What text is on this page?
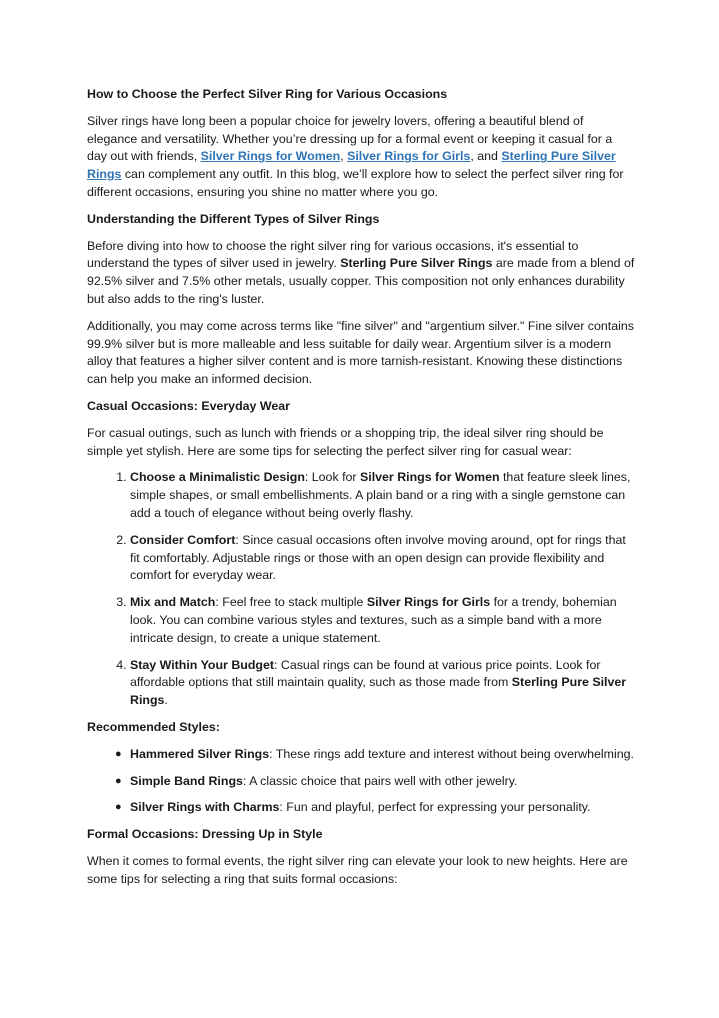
How to Choose the Perfect Silver Ring for Various Occasions

Silver rings have long been a popular choice for jewelry lovers, offering a beautiful blend of elegance and versatility. Whether you’re dressing up for a formal event or keeping it casual for a day out with friends, Silver Rings for Women, Silver Rings for Girls, and Sterling Pure Silver Rings can complement any outfit. In this blog, we’ll explore how to select the perfect silver ring for different occasions, ensuring you shine no matter where you go.

Understanding the Different Types of Silver Rings

Before diving into how to choose the right silver ring for various occasions, it's essential to understand the types of silver used in jewelry. Sterling Pure Silver Rings are made from a blend of 92.5% silver and 7.5% other metals, usually copper. This composition not only enhances durability but also adds to the ring's luster.

Additionally, you may come across terms like "fine silver" and "argentium silver." Fine silver contains 99.9% silver but is more malleable and less suitable for daily wear. Argentium silver is a modern alloy that features a higher silver content and is more tarnish-resistant. Knowing these distinctions can help you make an informed decision.

Casual Occasions: Everyday Wear

For casual outings, such as lunch with friends or a shopping trip, the ideal silver ring should be simple yet stylish. Here are some tips for selecting the perfect silver ring for casual wear:

1. Choose a Minimalistic Design: Look for Silver Rings for Women that feature sleek lines, simple shapes, or small embellishments. A plain band or a ring with a single gemstone can add a touch of elegance without being overly flashy.
2. Consider Comfort: Since casual occasions often involve moving around, opt for rings that fit comfortably. Adjustable rings or those with an open design can provide flexibility and comfort for everyday wear.
3. Mix and Match: Feel free to stack multiple Silver Rings for Girls for a trendy, bohemian look. You can combine various styles and textures, such as a simple band with a more intricate design, to create a unique statement.
4. Stay Within Your Budget: Casual rings can be found at various price points. Look for affordable options that still maintain quality, such as those made from Sterling Pure Silver Rings.
Recommended Styles:
● Hammered Silver Rings: These rings add texture and interest without being overwhelming.
● Simple Band Rings: A classic choice that pairs well with other jewelry.
● Silver Rings with Charms: Fun and playful, perfect for expressing your personality.
Formal Occasions: Dressing Up in Style

When it comes to formal events, the right silver ring can elevate your look to new heights. Here are some tips for selecting a ring that suits formal occasions:
